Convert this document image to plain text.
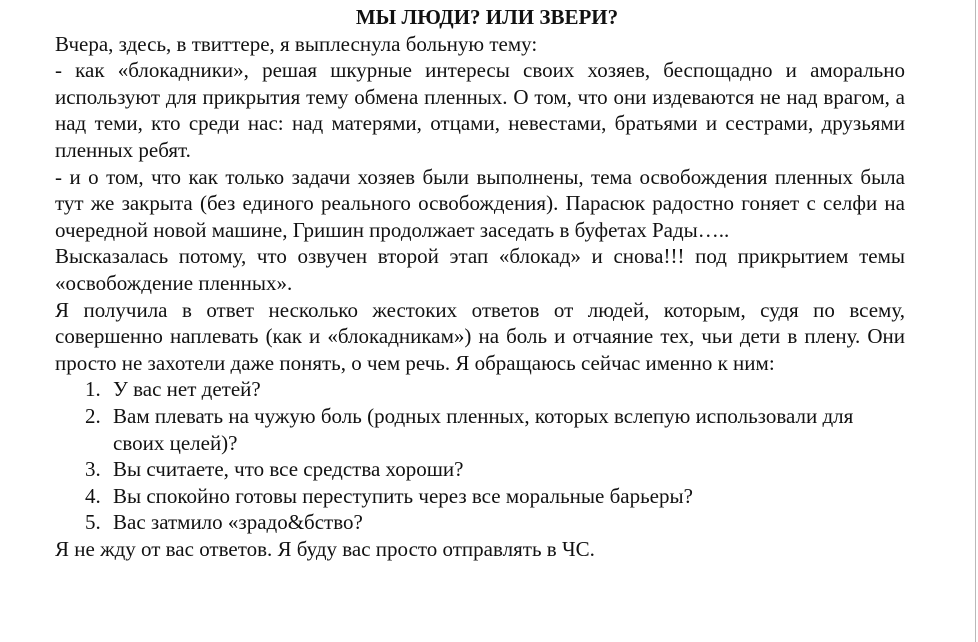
МЫ ЛЮДИ? ИЛИ ЗВЕРИ?

Вчера, здесь, в твиттере, я выплеснула больную тему:

- как «блокадники», решая шкурные интересы своих хозяев, беспощадно и аморально используют для прикрытия тему обмена пленных. О том, что они издеваются не над врагом, а над теми, кто среди нас: над матерями, отцами, невестами, братьями и сестрами, друзьями пленных ребят.

- и о том, что как только задачи хозяев были выполнены, тема освобождения пленных была тут же закрыта (без единого реального освобождения). Парасюк радостно гоняет с селфи на очередной новой машине, Гришин продолжает заседать в буфетах Рады…..

Высказалась потому, что озвучен второй этап «блокад» и снова!!! под прикрытием темы «освобождение пленных».

Я получила в ответ несколько жестоких ответов от людей, которым, судя по всему, совершенно наплевать (как и «блокадникам») на боль и отчаяние тех, чьи дети в плену. Они просто не захотели даже понять, о чем речь. Я обращаюсь сейчас именно к ним:

1. У вас нет детей?
2. Вам плевать на чужую боль (родных пленных, которых вслепую использовали для своих целей)?
3. Вы считаете, что все средства хороши?
4. Вы спокойно готовы переступить через все моральные барьеры?
5. Вас затмило «зрадо&бство?

Я не жду от вас ответов. Я буду вас просто отправлять в ЧС.
